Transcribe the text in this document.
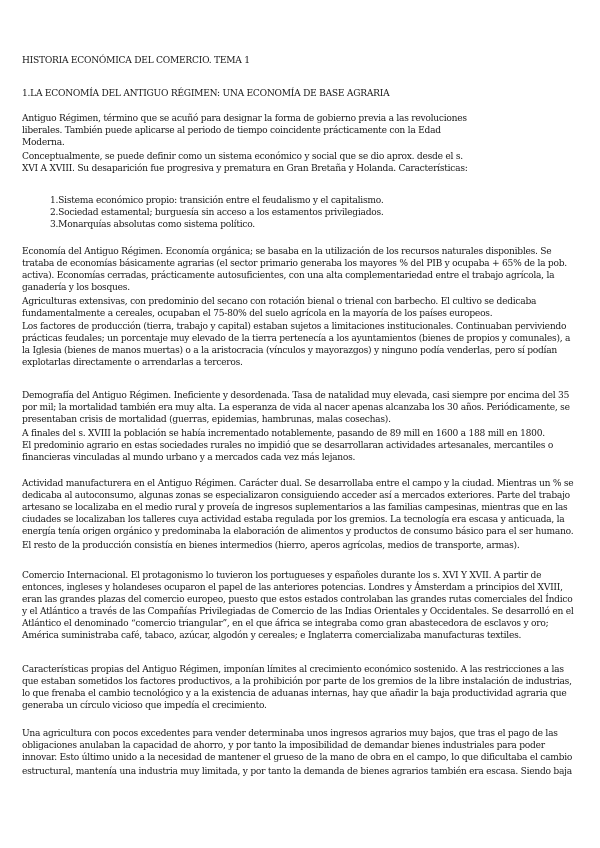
HISTORIA ECONÓMICA DEL COMERCIO. TEMA 1

1.LA ECONOMÍA DEL ANTIGUO RÉGIMEN: UNA ECONOMÍA DE BASE AGRARIA

Antiguo Régimen, término que se acuñó para designar la forma de gobierno previa a las revoluciones

liberales. También puede aplicarse al periodo de tiempo coincidente prácticamente con la Edad

Moderna.

Conceptualmente, se puede definir como un sistema económico y social que se dio aprox. desde el s.

XVI A XVIII. Su desaparición fue progresiva y prematura en Gran Bretaña y Holanda. Características:

1.Sistema económico propio: transición entre el feudalismo y el capitalismo.

2.Sociedad estamental; burguesía sin acceso a los estamentos privilegiados.

3.Monarquías absolutas como sistema político.

Economía del Antiguo Régimen. Economía orgánica; se basaba en la utilización de los recursos naturales disponibles. Se

trataba de economías básicamente agrarias (el sector primario generaba los mayores % del PIB y ocupaba + 65% de la pob.

activa). Economías cerradas, prácticamente autosuficientes, con una alta complementariedad entre el trabajo agrícola, la

ganadería y los bosques.

Agriculturas extensivas, con predominio del secano con rotación bienal o trienal con barbecho. El cultivo se dedicaba

fundamentalmente a cereales, ocupaban el 75-80% del suelo agrícola en la mayoría de los países europeos.

Los factores de producción (tierra, trabajo y capital) estaban sujetos a limitaciones institucionales. Continuaban perviviendo

prácticas feudales; un porcentaje muy elevado de la tierra pertenecía a los ayuntamientos (bienes de propios y comunales), a

la Iglesia (bienes de manos muertas) o a la aristocracia (vínculos y mayorazgos) y ninguno podía venderlas, pero sí podían

explotarlas directamente o arrendarlas a terceros.

Demografía del Antiguo Régimen. Ineficiente y desordenada. Tasa de natalidad muy elevada, casi siempre por encima del 35

por mil; la mortalidad también era muy alta. La esperanza de vida al nacer apenas alcanzaba los 30 años. Periódicamente, se

presentaban crisis de mortalidad (guerras, epidemias, hambrunas, malas cosechas).

A finales del s. XVIII la población se había incrementado notablemente, pasando de 89 mill en 1600 a 188 mill en 1800.

El predominio agrario en estas sociedades rurales no impidió que se desarrollaran actividades artesanales, mercantiles o

financieras vinculadas al mundo urbano y a mercados cada vez más lejanos.

Actividad manufacturera en el Antiguo Régimen. Carácter dual. Se desarrollaba entre el campo y la ciudad. Mientras un % se

dedicaba al autoconsumo, algunas zonas se especializaron consiguiendo acceder así a mercados exteriores. Parte del trabajo

artesano se localizaba en el medio rural y proveía de ingresos suplementarios a las familias campesinas, mientras que en las

ciudades se localizaban los talleres cuya actividad estaba regulada por los gremios. La tecnología era escasa y anticuada, la

energía tenía origen orgánico y predominaba la elaboración de alimentos y productos de consumo básico para el ser humano.

El resto de la producción consistía en bienes intermedios (hierro, aperos agrícolas, medios de transporte, armas).

Comercio Internacional. El protagonismo lo tuvieron los portugueses y españoles durante los s. XVI Y XVII. A partir de

entonces, ingleses y holandeses ocuparon el papel de las anteriores potencias. Londres y Ámsterdam a principios del XVIII,

eran las grandes plazas del comercio europeo, puesto que estos estados controlaban las grandes rutas comerciales del Índico

y el Atlántico a través de las Compañías Privilegiadas de Comercio de las Indias Orientales y Occidentales. Se desarrolló en el

Atlántico el denominado “comercio triangular”, en el que áfrica se integraba como gran abastecedora de esclavos y oro;

América suministraba café, tabaco, azúcar, algodón y cereales; e Inglaterra comercializaba manufacturas textiles.

Características propias del Antiguo Régimen, imponían límites al crecimiento económico sostenido. A las restricciones a las

que estaban sometidos los factores productivos, a la prohibición por parte de los gremios de la libre instalación de industrias,

lo que frenaba el cambio tecnológico y a la existencia de aduanas internas, hay que añadir la baja productividad agraria que

generaba un círculo vicioso que impedía el crecimiento.

Una agricultura con pocos excedentes para vender determinaba unos ingresos agrarios muy bajos, que tras el pago de las

obligaciones anulaban la capacidad de ahorro, y por tanto la imposibilidad de demandar bienes industriales para poder

innovar. Esto último unido a la necesidad de mantener el grueso de la mano de obra en el campo, lo que dificultaba el cambio

estructural, mantenía una industria muy limitada, y por tanto la demanda de bienes agrarios también era escasa. Siendo baja
